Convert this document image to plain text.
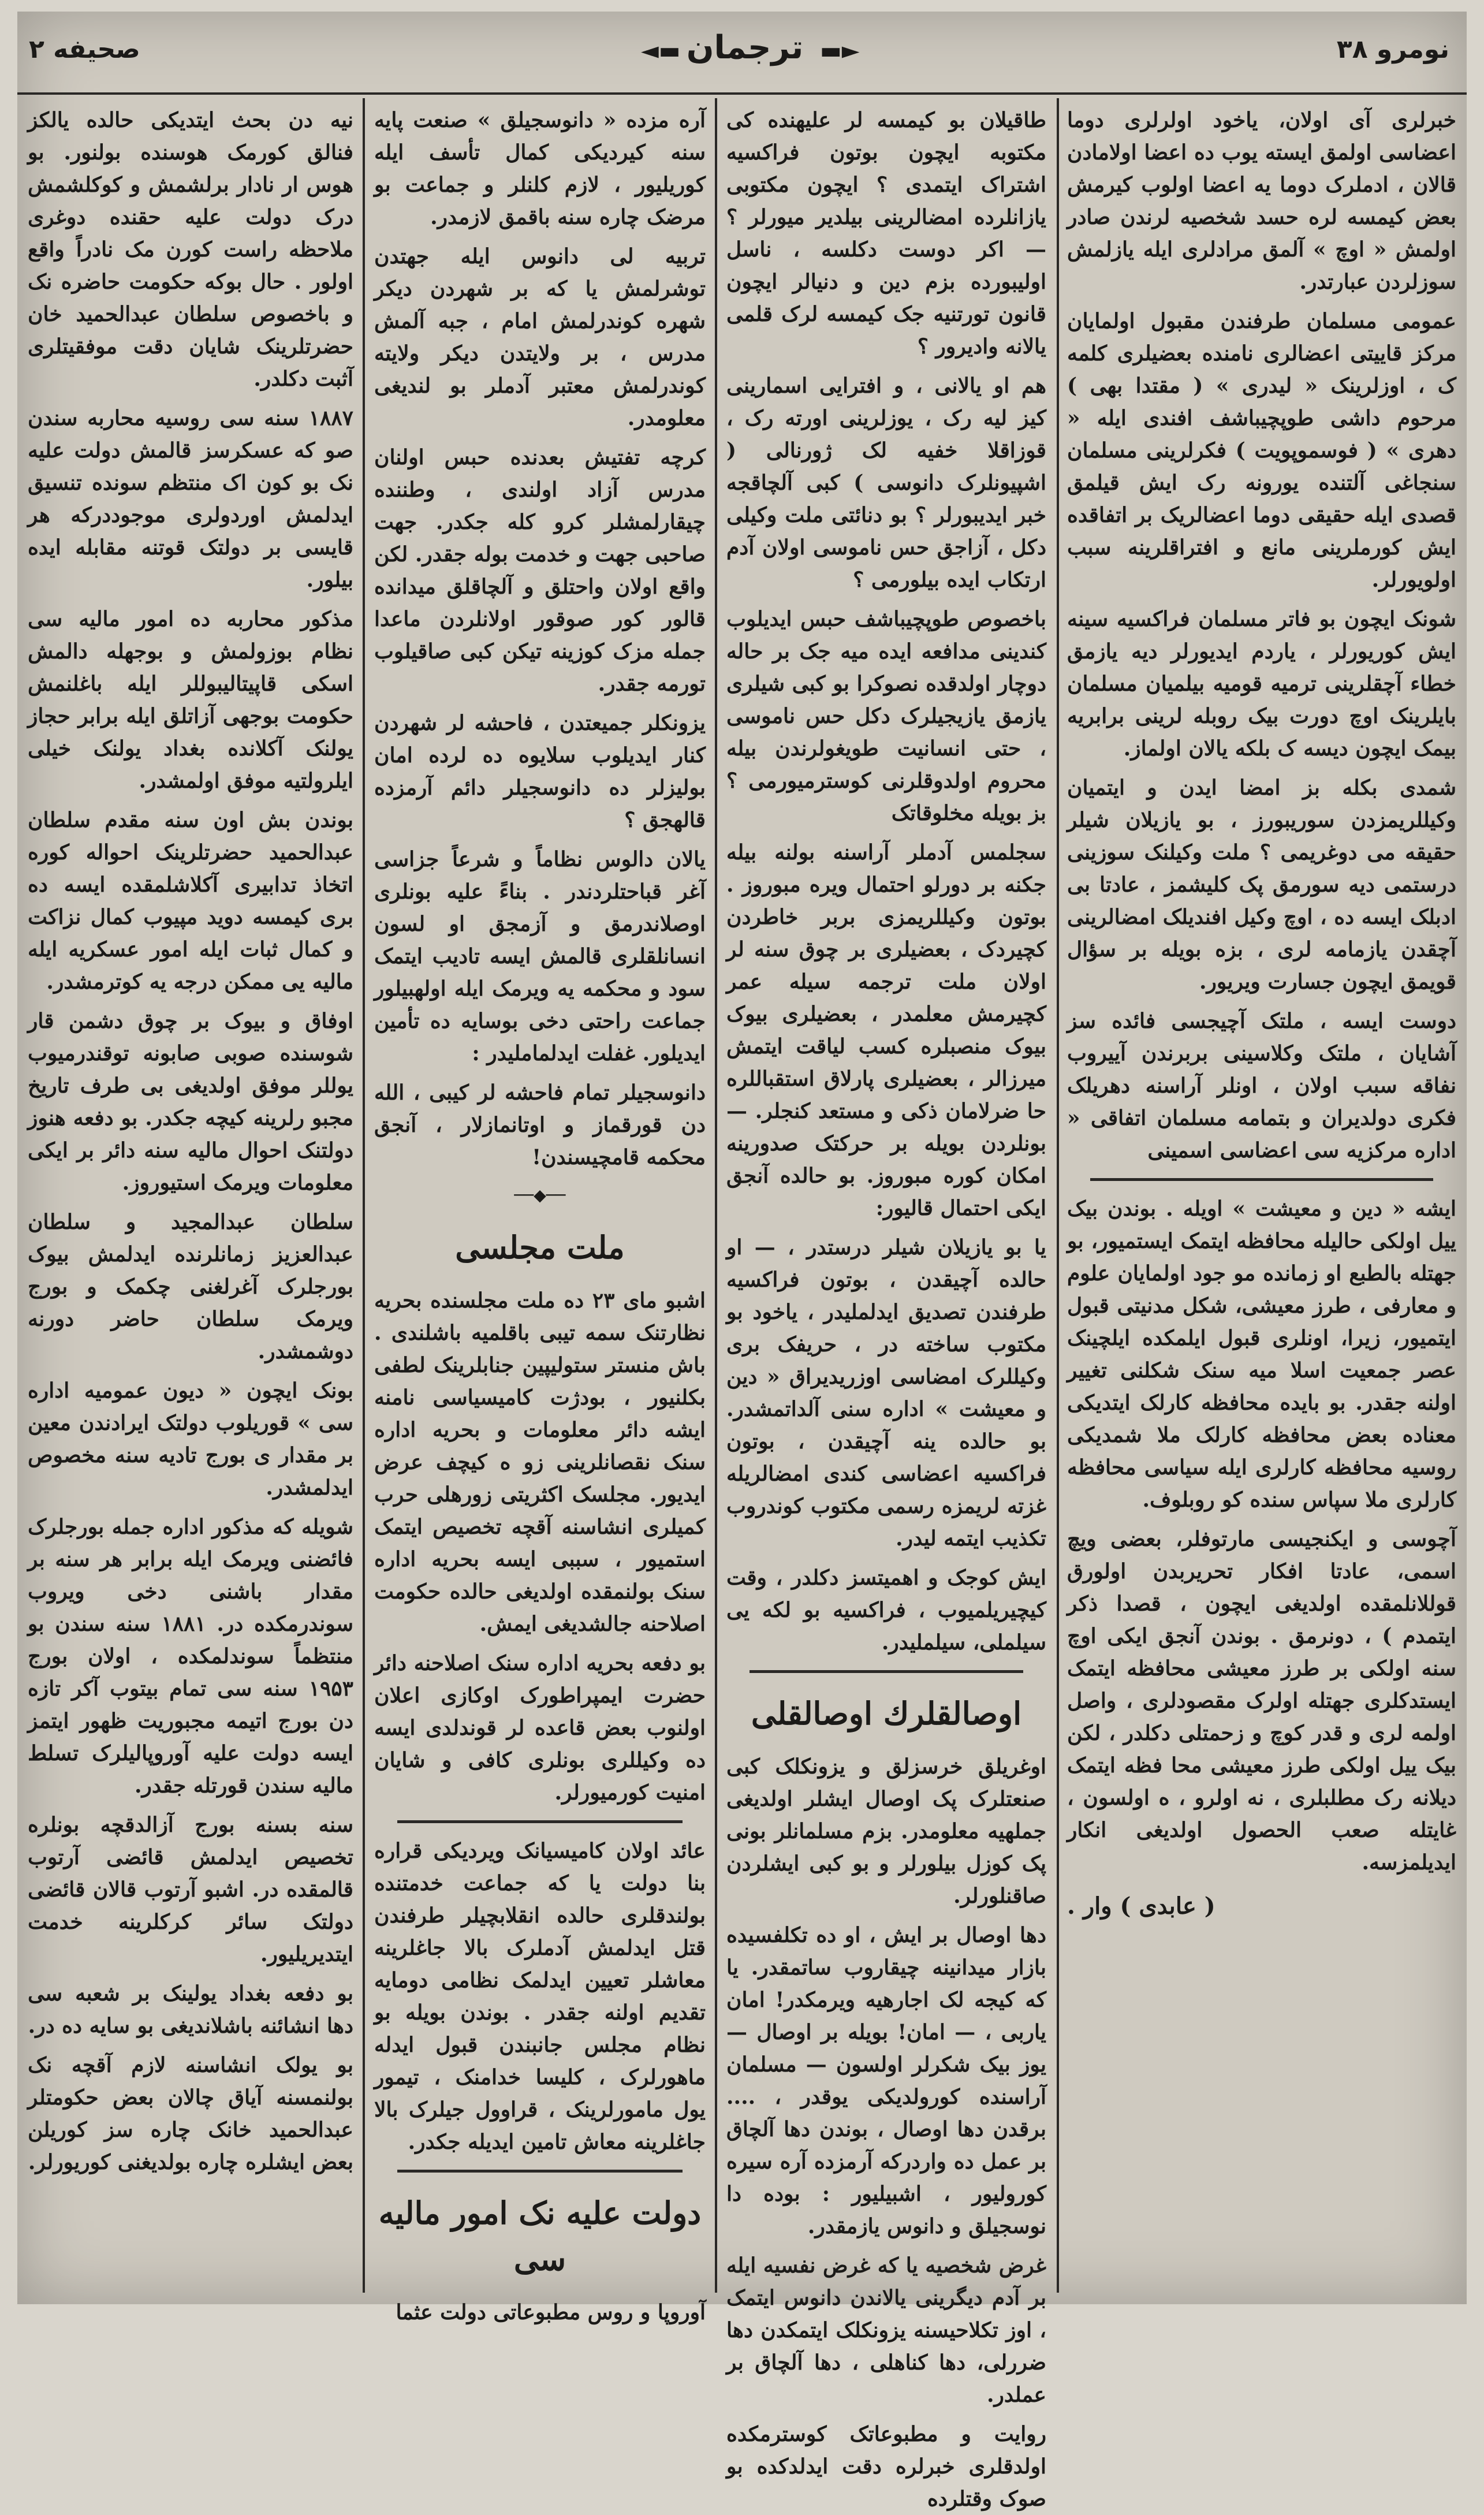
صحیفه ۲	◄▬ ترجمان ▬►	نومرو ۳۸

خبرلری آی اولان، یاخود اولرلری دوما اعضاسی اولمق ایسته یوب ده اعضا اولامادن قالان ، ادملرک دوما یه اعضا اولوب کیرمش بعض کیمسه لره حسد شخصیه لرندن صادر اولمش « اوچ » آلمق مرادلری ایله یازلمش سوزلردن عبارتدر.

عمومی مسلمان طرفندن مقبول اولمایان مرکز قاییتی اعضالری نامنده بعضیلری کلمه ک ، اوزلرینک « لیدری » ( مقتدا بهی ) مرحوم داشی طوپچیباشف افندی ایله « دهری » ( فوسموپویت ) فکرلرینی مسلمان سنجاغی آلتنده یورونه رک ایش قیلمق قصدی ایله حقیقی دوما اعضالریک بر اتفاقده ایش کورملرینی مانع و افتراقلرینه سبب اولویورلر.

شونک ایچون بو فاتر مسلمان فراکسیه سینه ایش کوریورلر ، یاردم ایدیورلر دیه یازمق خطاء آچقلرینی ترمیه قومیه بیلمیان مسلمان بایلرینک اوچ دورت بیک روبله لرینی برابریه بیمک ایچون دیسه ک بلکه یالان اولماز.

شمدی بکله بز امضا ایدن و ایتمیان وکیللریمزدن سوریبورز ، بو یازیلان شیلر حقیقه می دوغریمی ؟ ملت وکیلنک سوزینی درستمی دیه سورمق پک کلیشمز ، عادتا بی ادبلک ایسه ده ، اوچ وکیل افندیلک امضالرینی آچقدن یازمامه لری ، بزه بویله بر سؤال قویمق ایچون جسارت ویریور.

دوست ایسه ، ملتک آچیجسی فائده سز آشایان ، ملتک وکلاسینی بربرندن آییروب نفاقه سبب اولان ، اونلر آراسنه دهریلک فکری دولدیران و بتمامه مسلمان اتفاقی « اداره مرکزیه سی اعضاسی اسمینی

ایشه « دین و معیشت » اویله . بوندن بیک ییل اولکی حالیله محافظه ایتمک ایستمیور، بو جهتله بالطبع او زمانده مو جود اولمایان علوم و معارفی ، طرز معیشی، شکل مدنیتی قبول ایتمیور، زیرا، اونلری قبول ایلمکده ایلچینک عصر جمعیت اسلا میه سنک شکلنی تغییر اولنه جقدر. بو بایده محافظه کارلک ایتدیکی معناده بعض محافظه کارلک ملا شمدیکی روسیه محافظه کارلری ایله سیاسی محافظه کارلری ملا سپاس سنده کو روبلوف.

آچوسی و ایکنجیسی مارتوفلر، بعضی ویچ اسمی، عادتا افکار تحریربدن اولورق قوللانلمقده اولدیغی ایچون ، قصدا ذکر ایتمدم ) ، دونرمق . بوندن آنجق ایکی اوچ سنه اولکی بر طرز معیشی محافظه ایتمک ایستدکلری جهتله اولرک مقصودلری ، واصل اولمه لری و قدر کوچ و زحمتلی دکلدر ، لکن بیک ییل اولکی طرز معیشی محا فظه ایتمک دیلانه رک مطلبلری ، نه اولرو ، ه اولسون ، غایتله صعب الحصول اولدیغی انکار ایدیلمزسه.

( عابدی ) وار .

طاقیلان بو کیمسه لر علیهنده کی مکتوبه ایچون بوتون فراکسیه اشتراک ایتمدی ؟ ایچون مکتوبی یازانلرده امضالرینی بیلدیر میورلر ؟ — اکر دوست دکلسه ، ناسل اولیبورده بزم دین و دنیالر ایچون قانون تورتنیه جک کیمسه لرک قلمی یالانه وادیرور ؟

هم او یالانی ، و افترایی اسمارینی کیز لیه رک ، یوزلرینی اورته رک ، قوزاقلا خفیه لک ژورنالی ( اشپیونلرک دانوسی ) کبی آلچاقجه خبر ایدیبورلر ؟ بو دنائتی ملت وکیلی دکل ، آزاجق حس ناموسی اولان آدم ارتکاب ایده بیلورمی ؟

باخصوص طوپچیباشف حبس ایدیلوب کندینی مدافعه ایده میه جک بر حاله دوچار اولدقده نصوکرا بو کبی شیلری یازمق یازیجیلرک دکل حس ناموسی ، حتی انسانیت طویغولرندن بیله محروم اولدوقلرنی کوسترمیورمی ؟ بز بویله مخلوقاتک

سجلمس آدملر آراسنه بولنه بیله جکنه بر دورلو احتمال ویره مبوروز . بوتون وکیللریمزی بربر خاطردن کچیردک ، بعضیلری بر چوق سنه لر اولان ملت ترجمه سیله عمر کچیرمش معلمدر ، بعضیلری بیوک بیوک منصبلره کسب لیاقت ایتمش میرزالر ، بعضیلری پارلاق استقباللره حا ضرلامان ذکی و مستعد کنجلر. — بونلردن بویله بر حرکتک صدورینه امکان کوره مبوروز. بو حالده آنجق ایکی احتمال قالیور:

یا بو یازیلان شیلر درستدر ، — او حالده آچیقدن ، بوتون فراکسیه طرفندن تصدیق ایدلملیدر ، یاخود بو مکتوب ساخته در ، حریفک بری وکیللرک امضاسی اوزریدیراق « دین و معیشت » اداره سنی آلداتمشدر. بو حالده ینه آچیقدن ، بوتون فراکسیه اعضاسی کندی امضالریله غزته لریمزه رسمی مکتوب کوندروب تکذیب ایتمه لیدر.

ایش کوجک و اهمیتسز دکلدر ، وقت کیچیریلمیوب ، فراکسیه بو لکه یی سیلملی، سیلملیدر.

اوصالقلرك اوصالقلی

اوغریلق خرسزلق و یزونکلک کبی صنعتلرک پک اوصال ایشلر اولدیغی جملهیه معلومدر. بزم مسلمانلر بونی پک کوزل بیلورلر و بو کبی ایشلردن صاقنلورلر.

دها اوصال بر ایش ، او ده تکلفسیده بازار میدانینه چیقاروب ساتمقدر. یا که کیجه لک اجارهیه ویرمکدر! امان یاربی ، — امان! بویله بر اوصال — یوز بیک شکرلر اولسون — مسلمان آراسنده کورولدیکی یوقدر ، .... برقدن دها اوصال ، بوندن دها آلچاق بر عمل ده واردرکه آرمزده آره سیره کورولیور ، اشبیلیور : بوده دا نوسجیلق و دانوس یازمقدر.

غرض شخصیه یا که غرض نفسیه ایله بر آدم دیگرینی یالاندن دانوس ایتمک ، اوز تکلاحیسنه یزونکلک ایتمکدن دها ضررلی، دها کناهلی ، دها آلچاق بر عملدر.

روایت و مطبوعاتک کوسترمکده اولدقلری خبرلره دقت ایدلدکده بو صوک وقتلرده

آره مزده « دانوسجیلق » صنعت پایه سنه کیردیکی کمال تأسف ایله کوریلیور ، لازم کلنلر و جماعت بو مرضک چاره سنه باقمق لازمدر.

تربیه لی دانوس ایله جهتدن توشرلمش یا که بر شهردن دیکر شهره کوندرلمش امام ، جبه آلمش مدرس ، بر ولایتدن دیکر ولایته کوندرلمش معتبر آدملر بو لندیغی معلومدر.

کرچه تفتیش بعدنده حبس اولنان مدرس آزاد اولندی ، وطننده چیقارلمشلر کرو کله جکدر. جهت صاحبی جهت و خدمت بوله جقدر. لکن واقع اولان واحتلق و آلچاقلق میدانده قالور کور صوقور اولانلردن ماعدا جمله مزک کوزینه تیکن کبی صاقیلوب تورمه جقدر.

یزونکلر جمیعتدن ، فاحشه لر شهردن کنار ایدیلوب سلایوه ده لرده امان بولیزلر ده دانوسجیلر دائم آرمزده قالهجق ؟

یالان دالوس نظاماً و شرعاً جزاسی آغر قباحتلردندر . بناءً علیه بونلری اوصلاندرمق و آزمجق او لسون انسانلقلری قالمش ایسه تادیب ایتمک سود و محکمه یه ویرمک ایله اولهبیلور جماعت راحتی دخی بوسایه ده تأمین ایدیلور. غفلت ایدلماملیدر :

دانوسجیلر تمام فاحشه لر کیبی ، الله دن قورقماز و اوتانمازلار ، آنجق محکمه قامچیسندن!

──◆──
ملت مجلسی

اشبو مای ۲۳ ده ملت مجلسنده بحریه نظارتنک سمه تیبی باقلمیه باشلندی . باش منستر ستولیپین جنابلرینک لطفی بکلنیور ، بودژت کامیسیاسی نامنه ایشه دائر معلومات و بحریه اداره سنک نقصانلرینی زو ه کیچف عرض ایدیور. مجلسک اکثریتی زورهلی حرب کمیلری انشاسنه آقچه تخصیص ایتمک استمیور ، سببی ایسه بحریه اداره سنک بولنمقده اولدیغی حالده حکومت اصلاحنه جالشدیغی ایمش.

بو دفعه بحریه اداره سنک اصلاحنه دائر حضرت ایمپراطورک اوکازی اعلان اولنوب بعض قاعده لر قوندلدی ایسه ده وکیللری بونلری کافی و شایان امنیت کورمیورلر.

عائد اولان کامیسیانک ویردیکی قراره بنا دولت یا که جماعت خدمتنده بولندقلری حالده انقلابچیلر طرفندن قتل ایدلمش آدملرک بالا جاغلرینه معاشلر تعیین ایدلمک نظامی دومایه تقدیم اولنه جقدر . بوندن بویله بو نظام مجلس جانبندن قبول ایدله ماهورلرک ، کلیسا خدامنک ، تیمور یول مامورلرینک ، قراوول جیلرک بالا جاغلرینه معاش تامین ایدیله جکدر.

دولت علیه نک امور مالیه سی

آوروپا و روس مطبوعاتی دولت عثما

نیه دن بحث ایتدیکی حالده یالکز فنالق کورمک هوسنده بولنور. بو هوس ار نادار برلشمش و کوکلشمش درک دولت علیه حقنده دوغری ملاحظه راست کورن مک نادراً واقع اولور . حال بوکه حکومت حاضره نک و باخصوص سلطان عبدالحمید خان حضرتلرینک شایان دقت موفقیتلری آثبت دکلدر.

۱۸۸۷ سنه سی روسیه محاربه سندن صو که عسکرسز قالمش دولت علیه نک بو کون اک منتظم سونده تنسیق ایدلمش اوردولری موجوددرکه هر قایسی بر دولتک قوتنه مقابله ایده بیلور.

مذکور محاربه ده امور مالیه سی نظام بوزولمش و بوجهله دالمش اسکی قاپیتالیبوللر ایله باغلنمش حکومت بوجهی آزاتلق ایله برابر حجاز یولنک آکلانده بغداد یولنک خیلی ایلرولتیه موفق اولمشدر.

بوندن بش اون سنه مقدم سلطان عبدالحمید حضرتلرینک احواله کوره اتخاذ تدابیری آکلاشلمقده ایسه ده بری کیمسه دوید مپیوب کمال نزاکت و کمال ثبات ایله امور عسکریه ایله مالیه یی ممکن درجه یه کوترمشدر.

اوفاق و بیوک بر چوق دشمن قار شوسنده صوبی صابونه توقندرمیوب یوللر موفق اولدیغی بی طرف تاریخ مجبو رلرینه کیچه جکدر. بو دفعه هنوز دولتنک احوال مالیه سنه دائر بر ایکی معلومات ویرمک استیوروز.

سلطان عبدالمجید و سلطان عبدالعزیز زمانلرنده ایدلمش بیوک بورجلرک آغرلغنی چکمک و بورج ویرمک سلطان حاضر دورنه دوشمشدر.

بونک ایچون « دیون عمومیه اداره سی » قوریلوب دولتک ایرادندن معین بر مقدار ی بورج تادیه سنه مخصوص ایدلمشدر.

شویله که مذکور اداره جمله بورجلرک فائضنی ویرمک ایله برابر هر سنه بر مقدار باشنی دخی ویروب سوندرمکده در. ۱۸۸۱ سنه سندن بو منتظماً سوندلمکده ، اولان بورج ۱۹۵۳ سنه سی تمام بیتوب آکر تازه دن بورج اتیمه مجبوریت ظهور ایتمز ایسه دولت علیه آوروپالیلرک تسلط مالیه سندن قورتله جقدر.

سنه بسنه بورج آزالدقچه بونلره تخصیص ایدلمش قائضی آرتوب قالمقده در. اشبو آرتوب قالان قائضی دولتک سائر کرکلرینه خدمت ایتدیریلیور.

بو دفعه بغداد یولینک بر شعبه سی دها انشائنه باشلاندیغی بو سایه ده در.

بو یولک انشاسنه لازم آقچه نک بولنمسنه آیاق چالان بعض حکومتلر عبدالحمید خانک چاره سز کوریلن بعض ایشلره چاره بولدیغنی کوریورلر.
